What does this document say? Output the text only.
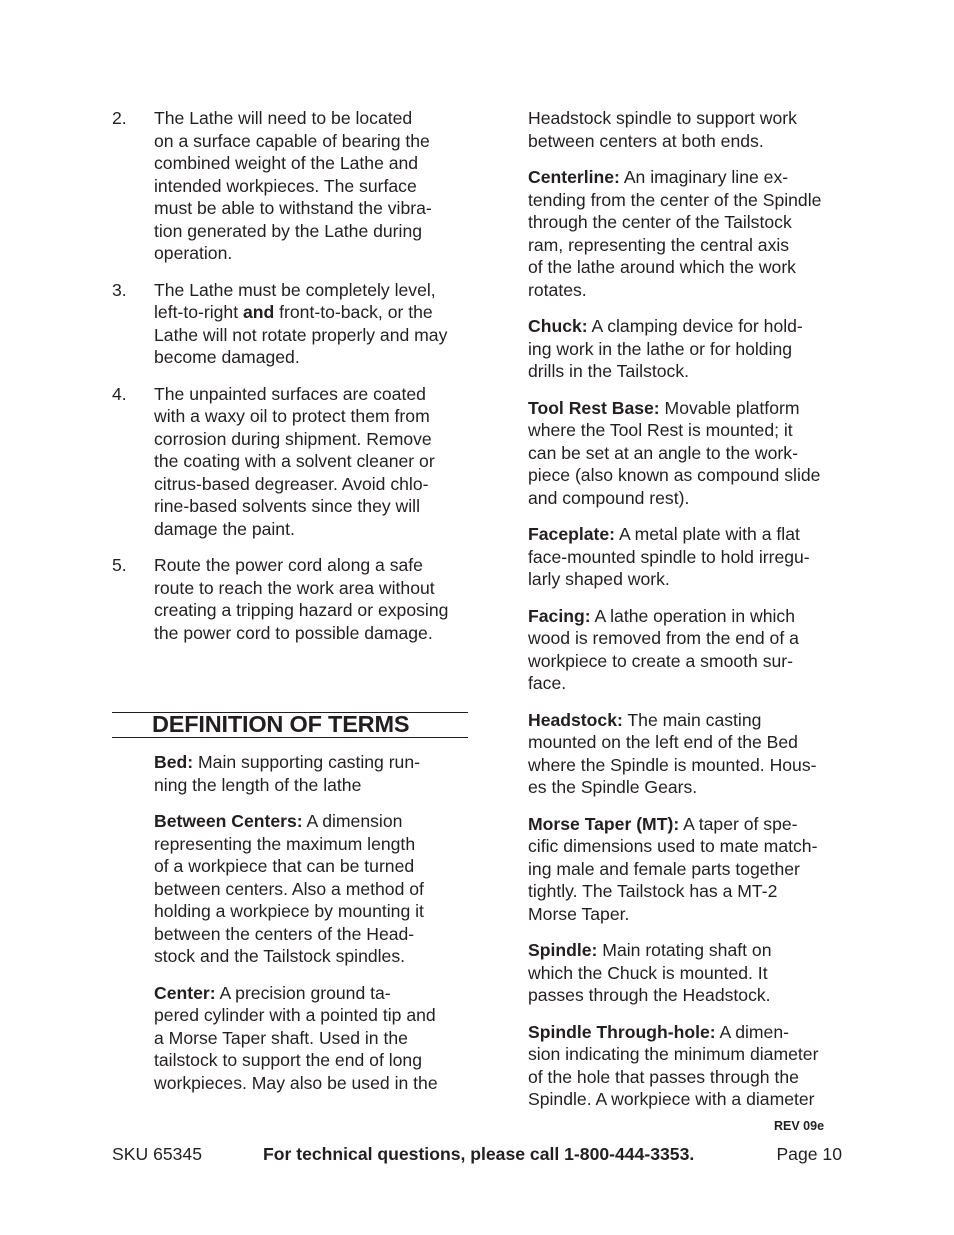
2. The Lathe will need to be located
on a surface capable of bearing the
combined weight of the Lathe and
intended workpieces. The surface
must be able to withstand the vibra-
tion generated by the Lathe during
operation.
3. The Lathe must be completely level,
left-to-right and front-to-back, or the
Lathe will not rotate properly and may
become damaged.
4. The unpainted surfaces are coated
with a waxy oil to protect them from
corrosion during shipment. Remove
the coating with a solvent cleaner or
citrus-based degreaser. Avoid chlo-
rine-based solvents since they will
damage the paint.
5. Route the power cord along a safe
route to reach the work area without
creating a tripping hazard or exposing
the power cord to possible damage.
DEFINITION OF TERMS
Bed: Main supporting casting run-
ning the length of the lathe
Between Centers: A dimension
representing the maximum length
of a workpiece that can be turned
between centers. Also a method of
holding a workpiece by mounting it
between the centers of the Head-
stock and the Tailstock spindles.
Center: A precision ground ta-
pered cylinder with a pointed tip and
a Morse Taper shaft. Used in the
tailstock to support the end of long
workpieces. May also be used in the
Headstock spindle to support work
between centers at both ends.
Centerline: An imaginary line ex-
tending from the center of the Spindle
through the center of the Tailstock
ram, representing the central axis
of the lathe around which the work
rotates.
Chuck: A clamping device for hold-
ing work in the lathe or for holding
drills in the Tailstock.
Tool Rest Base: Movable platform
where the Tool Rest is mounted; it
can be set at an angle to the work-
piece (also known as compound slide
and compound rest).
Faceplate: A metal plate with a flat
face-mounted spindle to hold irregu-
larly shaped work.
Facing: A lathe operation in which
wood is removed from the end of a
workpiece to create a smooth sur-
face.
Headstock: The main casting
mounted on the left end of the Bed
where the Spindle is mounted. Hous-
es the Spindle Gears.
Morse Taper (MT): A taper of spe-
cific dimensions used to mate match-
ing male and female parts together
tightly. The Tailstock has a MT-2
Morse Taper.
Spindle: Main rotating shaft on
which the Chuck is mounted. It
passes through the Headstock.
Spindle Through-hole: A dimen-
sion indicating the minimum diameter
of the hole that passes through the
Spindle. A workpiece with a diameter
REV 09e
SKU 65345	For technical questions, please call 1-800-444-3353.	Page 10
